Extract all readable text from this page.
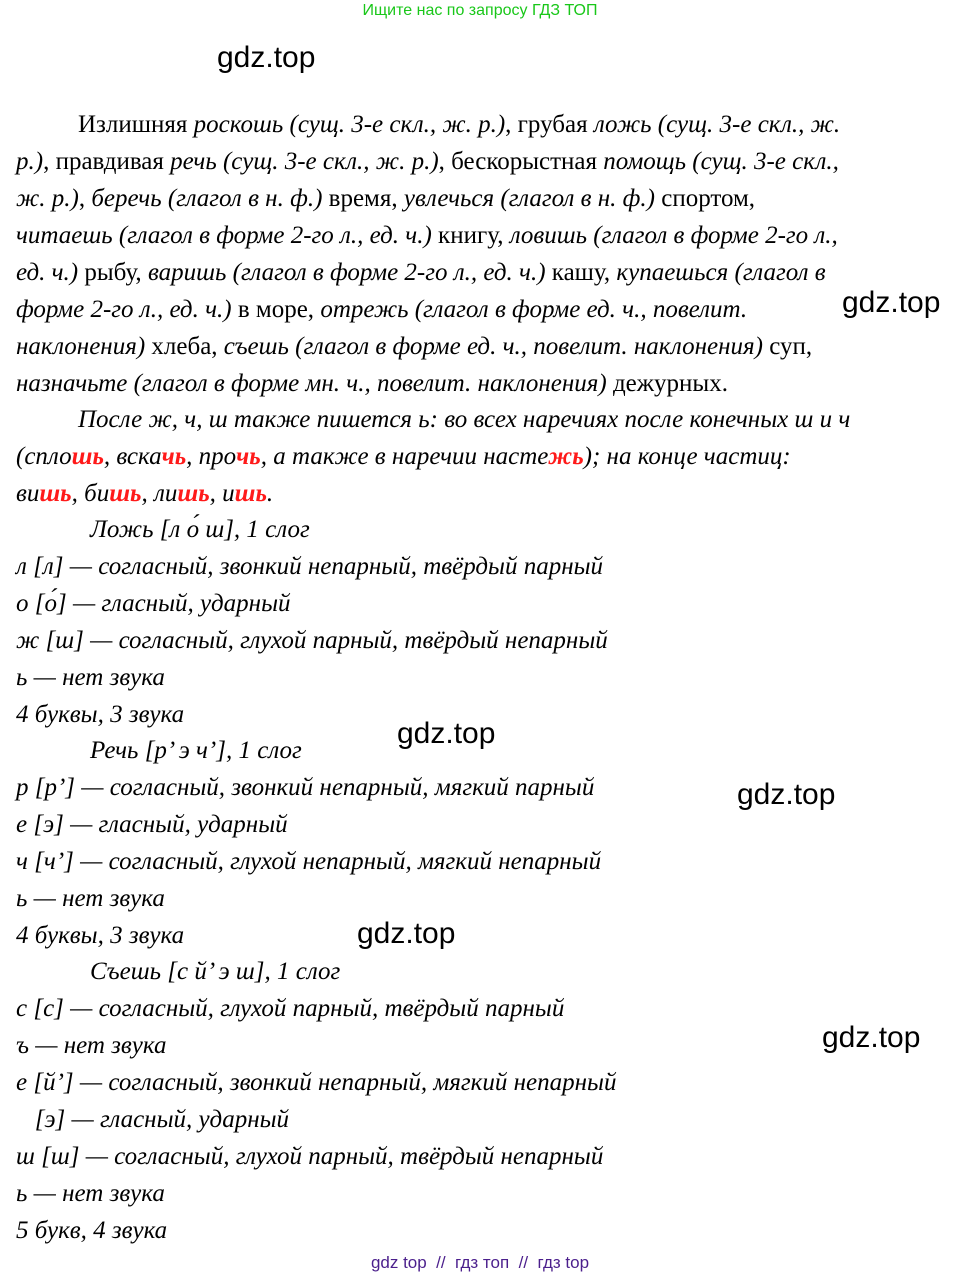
Ищите нас по запросу ГДЗ ТОП
gdz.top
gdz.top
gdz.top
gdz.top
gdz.top
gdz.top
Излишняя роскошь (сущ. 3-е скл., ж. р.), грубая ложь (сущ. 3-е скл., ж.
р.), правдивая речь (сущ. 3-е скл., ж. р.), бескорыстная помощь (сущ. 3-е скл.,
ж. р.), беречь (глагол в н. ф.) время, увлечься (глагол в н. ф.) спортом,
читаешь (глагол в форме 2-го л., ед. ч.) книгу, ловишь (глагол в форме 2-го л.,
ед. ч.) рыбу, варишь (глагол в форме 2-го л., ед. ч.) кашу, купаешься (глагол в
форме 2-го л., ед. ч.) в море, отрежь (глагол в форме ед. ч., повелит.
наклонения) хлеба, съешь (глагол в форме ед. ч., повелит. наклонения) суп,
назначьте (глагол в форме мн. ч., повелит. наклонения) дежурных.
После ж, ч, ш также пишется ь: во всех наречиях после конечных ш и ч
(сплошь, вскачь, прочь, а также в наречии настежь); на конце частиц:
вишь, бишь, лишь, ишь.
Ложь [л о́ ш], 1 слог
л [л] — согласный, звонкий непарный, твёрдый парный
о [о́] — гласный, ударный
ж [ш] — согласный, глухой парный, твёрдый непарный
ь — нет звука
4 буквы, 3 звука
Речь [р’ э ч’], 1 слог
р [р’] — согласный, звонкий непарный, мягкий парный
е [э] — гласный, ударный
ч [ч’] — согласный, глухой непарный, мягкий непарный
ь — нет звука
4 буквы, 3 звука
Съешь [с й’ э ш], 1 слог
с [с] — согласный, глухой парный, твёрдый парный
ъ — нет звука
е [й’] — согласный, звонкий непарный, мягкий непарный
[э] — гласный, ударный
ш [ш] — согласный, глухой парный, твёрдый непарный
ь — нет звука
5 букв, 4 звука
gdz top  //  гдз топ  //  гдз top
